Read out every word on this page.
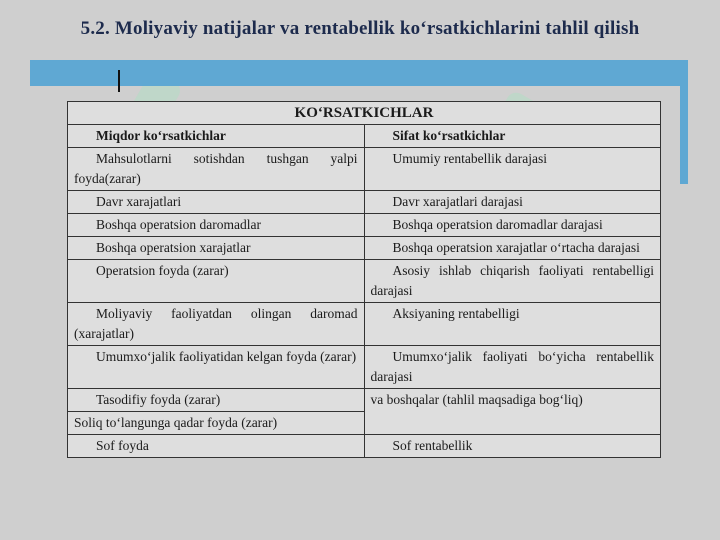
5.2. Moliyaviy natijalar va rentabellik ko‘rsatkichlarini tahlil qilish
KO‘RSATKICHLAR	
Miqdor ko‘rsatkichlar	Sifat ko‘rsatkichlar
Mahsulotlarni sotishdan tushgan yalpi foyda(zarar)	Umumiy rentabellik darajasi
Davr xarajatlari	Davr xarajatlari darajasi
Boshqa operatsion daromadlar	Boshqa operatsion daromadlar darajasi
Boshqa operatsion xarajatlar	Boshqa operatsion xarajatlar o‘rtacha darajasi
Operatsion foyda (zarar)	Asosiy ishlab chiqarish faoliyati rentabelligi darajasi
Moliyaviy faoliyatdan olingan daromad (xarajatlar)	Aksiyaning rentabelligi
Umumxo‘jalik faoliyatidan kelgan foyda (zarar)	Umumxo‘jalik faoliyati bo‘yicha rentabellik darajasi
Tasodifiy foyda (zarar)	va boshqalar (tahlil maqsadiga bog‘liq)
Soliq to‘langunga qadar foyda (zarar)	
Sof foyda	Sof rentabellik
